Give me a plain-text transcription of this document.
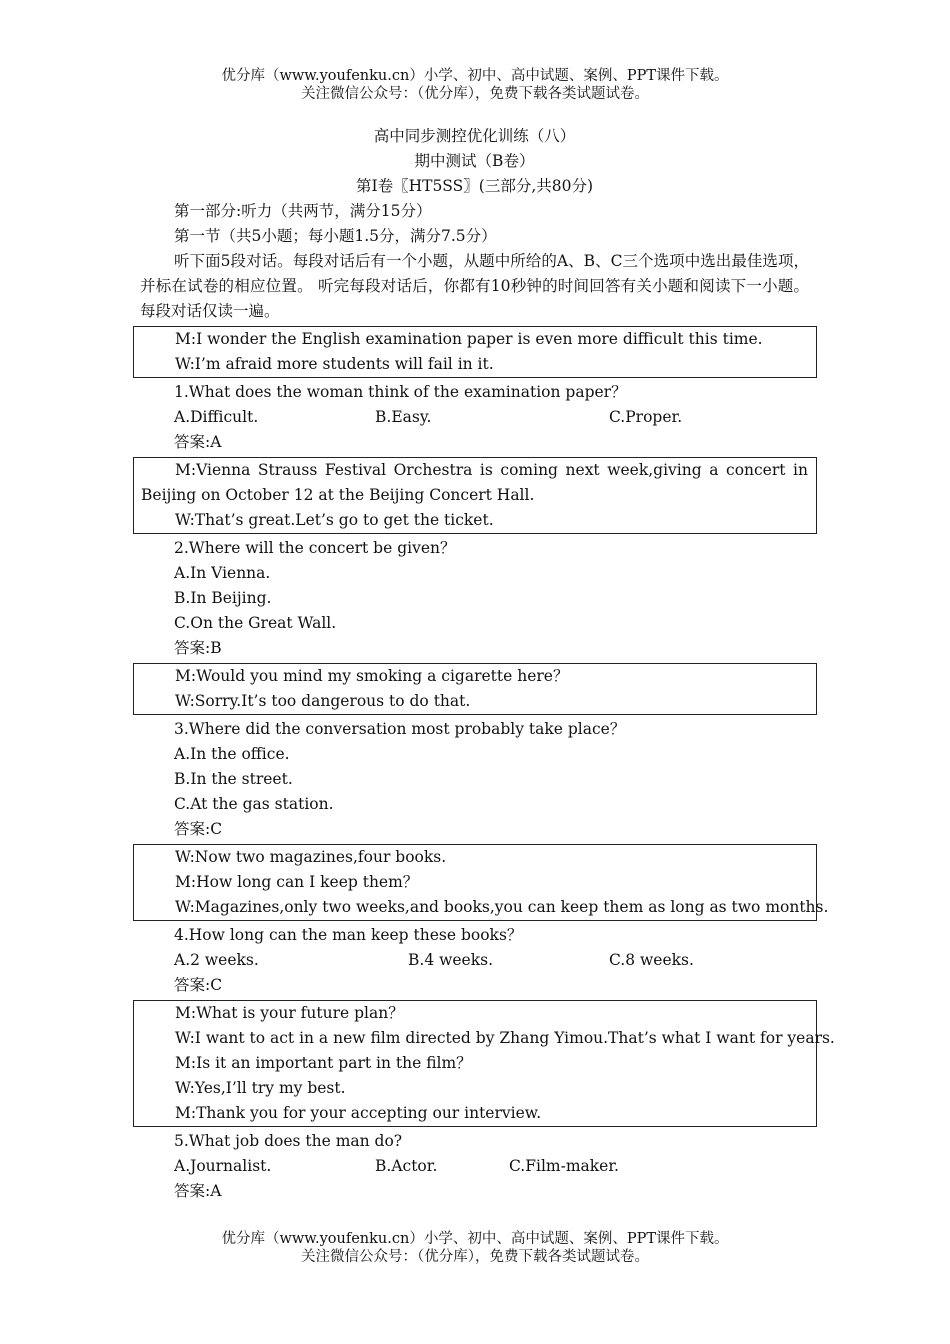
优分库（www.youfenku.cn）小学、初中、高中试题、案例、PPT课件下载。
关注微信公众号：（优分库），免费下载各类试题试卷。
高中同步测控优化训练（八）
期中测试（B卷）
第Ⅰ卷〖HT5SS〗(三部分,共80分)
第一部分:听力（共两节，满分15分）
第一节（共5小题；每小题1.5分，满分7.5分）
听下面5段对话。每段对话后有一个小题，从题中所给的A、B、C三个选项中选出最佳选项，并标在试卷的相应位置。 听完每段对话后，你都有10秒钟的时间回答有关小题和阅读下一小题。每段对话仅读一遍。
M:I wonder the English examination paper is even more difficult this time.
W:I’m afraid more students will fail in it.
1.What does the woman think of the examination paper？
A.Difficult.	B.Easy.	C.Proper.
答案:A
M:Vienna Strauss Festival Orchestra is coming next week,giving a concert in Beijing on October 12 at the Beijing Concert Hall.
W:That’s great.Let’s go to get the ticket.
2.Where will the concert be given？
A.In Vienna.
B.In Beijing.
C.On the Great Wall.
答案:B
M:Would you mind my smoking a cigarette here？
W:Sorry.It’s too dangerous to do that.
3.Where did the conversation most probably take place？
A.In the office.
B.In the street.
C.At the gas station.
答案:C
W:Now two magazines,four books.
M:How long can I keep them？
W:Magazines,only two weeks,and books,you can keep them as long as two months.
4.How long can the man keep these books？
A.2 weeks.	B.4 weeks.	C.8 weeks.
答案:C
M:What is your future plan？
W:I want to act in a new film directed by Zhang Yimou.That’s what I want for years.
M:Is it an important part in the film？
W:Yes,I’ll try my best.
M:Thank you for your accepting our interview.
5.What job does the man do?
A.Journalist.	B.Actor.	C.Film-maker.
答案:A
优分库（www.youfenku.cn）小学、初中、高中试题、案例、PPT课件下载。
关注微信公众号：（优分库），免费下载各类试题试卷。
